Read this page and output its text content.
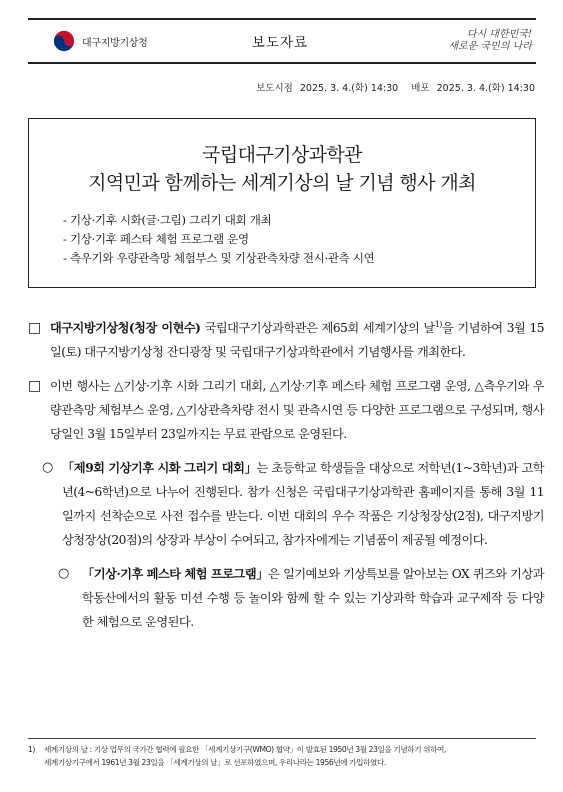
대구지방기상청	보도자료
다시 대한민국!
새로운 국민의 나라
보도시점 2025. 3. 4.(화) 14:30 배포 2025. 3. 4.(화) 14:30
국립대구기상과학관
지역민과 함께하는 세계기상의 날 기념 행사 개최
- 기상·기후 시화(글·그림) 그리기 대회 개최
- 기상·기후 페스타 체험 프로그램 운영
- 측우기와 우량관측망 체험부스 및 기상관측차량 전시·관측 시연
□ 대구지방기상청(청장 이현수) 국립대구기상과학관은 제65회 세계기상의 날$^{1)}$을 기념하여 3월 15일(토) 대구지방기상청 잔디광장 및 국립대구기상과학관에서 기념행사를 개최한다.
□ 이번 행사는 △기상·기후 시화 그리기 대회, △기상·기후 페스타 체험 프로그램 운영, △측우기와 우량관측망 체험부스 운영, △기상관측차량 전시 및 관측시연 등 다양한 프로그램으로 구성되며, 행사 당일인 3월 15일부터 23일까지는 무료 관람으로 운영된다.
○ 「제9회 기상기후 시화 그리기 대회」는 초등학교 학생들을 대상으로 저학년(1~3학년)과 고학년(4~6학년)으로 나누어 진행된다. 참가 신청은 국립대구기상과학관 홈페이지를 통해 3월 11일까지 선착순으로 사전 접수를 받는다. 이번 대회의 우수 작품은 기상청장상(2점), 대구지방기상청장상(20점)의 상장과 부상이 수여되고, 참가자에게는 기념품이 제공될 예정이다.
○	「기상·기후 페스타 체험 프로그램」은 일기예보와 기상특보를 알아보는 OX 퀴즈와 기상과학동산에서의 활동 미션 수행 등 놀이와 함께 할 수 있는 기상과학 학습과 교구제작 등 다양한 체험으로 운영된다.
1) 세계기상의 날 : 기상 업무의 국가간 협력에 필요한 「세계기상기구(WMO) 협약」이 발효된 1950년 3월 23일을 기념하기 위하여,
세계기상기구에서 1961년 3월 23일을 「세계기상의 날」로 선포하였으며, 우리나라는 1956년에 가입하였다.
